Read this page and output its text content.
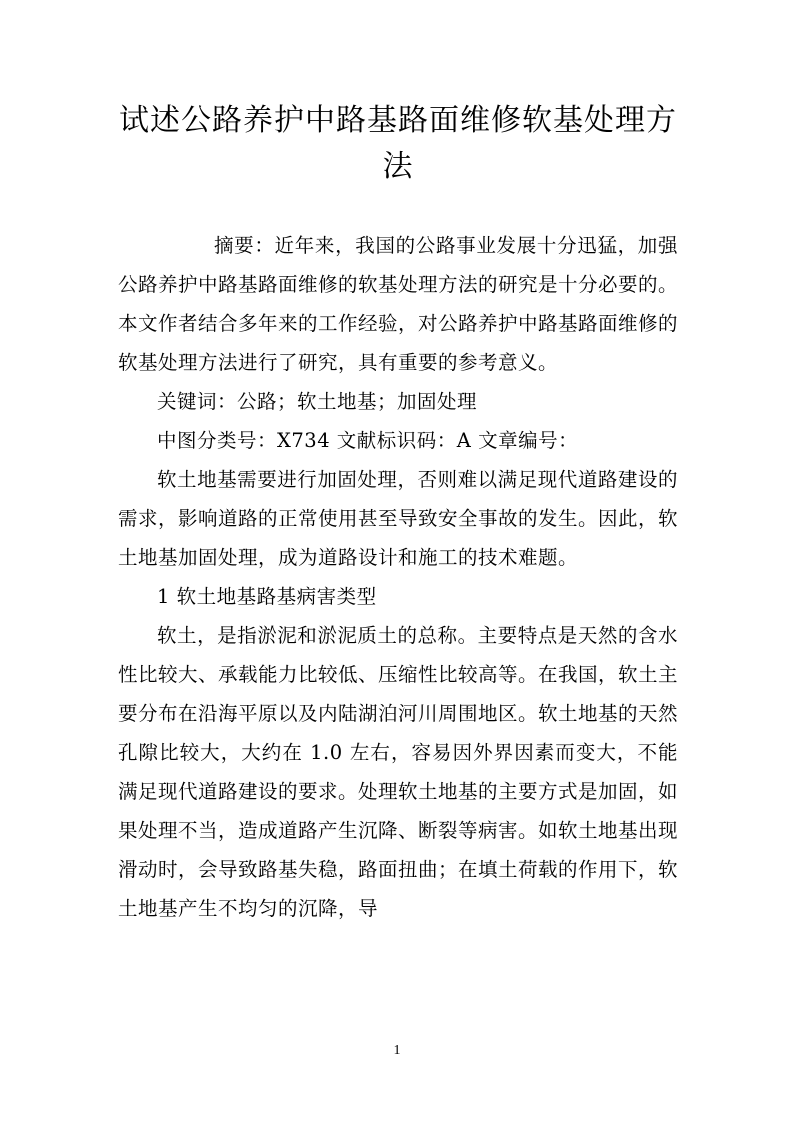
试述公路养护中路基路面维修软基处理方法

摘要：近年来，我国的公路事业发展十分迅猛，加强公路养护中路基路面维修的软基处理方法的研究是十分必要的。本文作者结合多年来的工作经验，对公路养护中路基路面维修的软基处理方法进行了研究，具有重要的参考意义。

关键词：公路；软土地基；加固处理

中图分类号：X734 文献标识码：A 文章编号：

软土地基需要进行加固处理，否则难以满足现代道路建设的需求，影响道路的正常使用甚至导致安全事故的发生。因此，软土地基加固处理，成为道路设计和施工的技术难题。

1 软土地基路基病害类型

软土，是指淤泥和淤泥质土的总称。主要特点是天然的含水性比较大、承载能力比较低、压缩性比较高等。在我国，软土主要分布在沿海平原以及内陆湖泊河川周围地区。软土地基的天然孔隙比较大，大约在 1.0 左右，容易因外界因素而变大，不能满足现代道路建设的要求。处理软土地基的主要方式是加固，如果处理不当，造成道路产生沉降、断裂等病害。如软土地基出现滑动时，会导致路基失稳，路面扭曲；在填土荷载的作用下，软土地基产生不均匀的沉降，导

1
